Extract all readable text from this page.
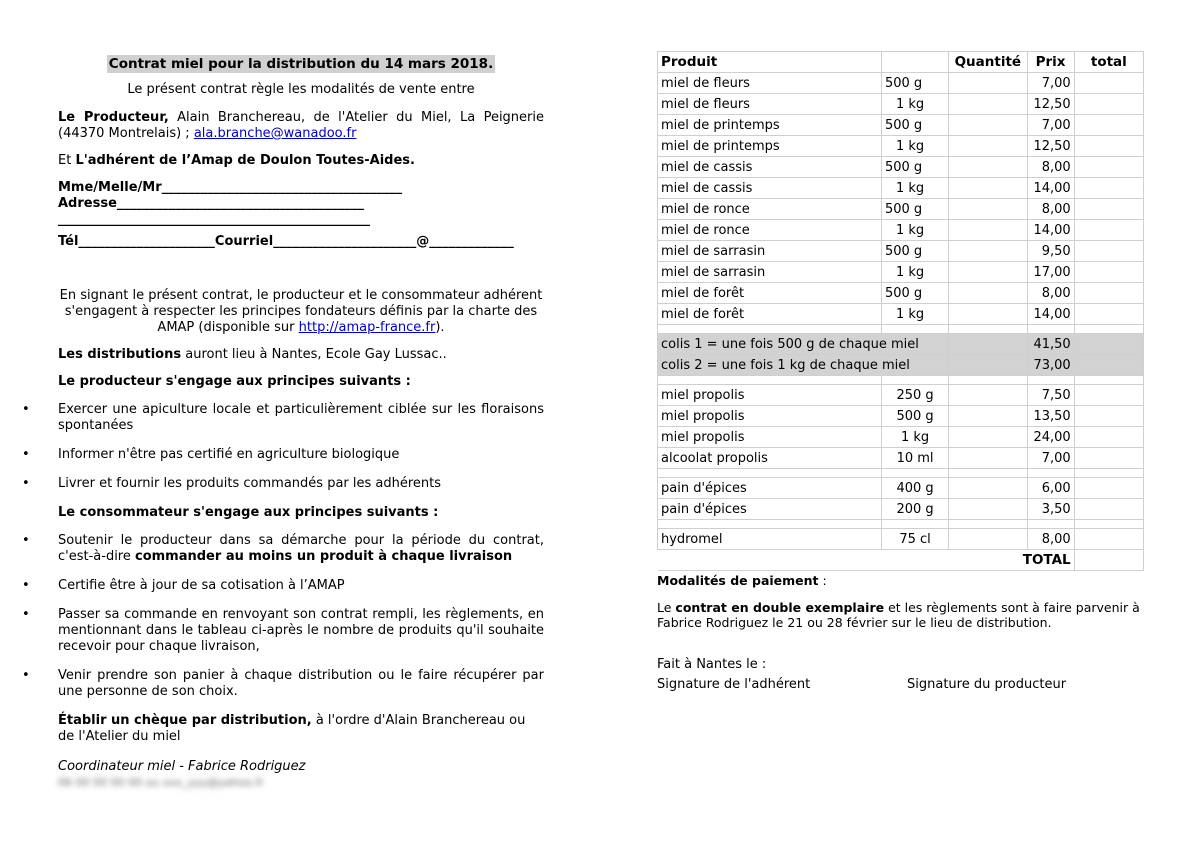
Contrat miel pour la distribution du 14 mars 2018.

Le présent contrat règle les modalités de vente entre

Le Producteur, Alain Branchereau, de l'Atelier du Miel, La Peignerie (44370 Montrelais) ; ala.branche@wanadoo.fr

Et L'adhérent de l’Amap de Doulon Toutes-Aides.

Mme/Melle/Mr_____________________________________
Adresse______________________________________
________________________________________________
Tél_____________________Courriel______________________@_____________

En signant le présent contrat, le producteur et le consommateur adhérent s'engagent à respecter les principes fondateurs définis par la charte des AMAP (disponible sur http://amap-france.fr).

Les distributions auront lieu à Nantes, Ecole Gay Lussac..

Le producteur s'engage aux principes suivants :

• Exercer une apiculture locale et particulièrement ciblée sur les floraisons spontanées
• Informer n'être pas certifié en agriculture biologique
• Livrer et fournir les produits commandés par les adhérents

Le consommateur s'engage aux principes suivants :

• Soutenir le producteur dans sa démarche pour la période du contrat, c'est-à-dire commander au moins un produit à chaque livraison
• Certifie être à jour de sa cotisation à l’AMAP
• Passer sa commande en renvoyant son contrat rempli, les règlements, en mentionnant dans le tableau ci-après le nombre de produits qu'il souhaite recevoir pour chaque livraison,
• Venir prendre son panier à chaque distribution ou le faire récupérer par une personne de son choix.

Établir un chèque par distribution, à l'ordre d'Alain Branchereau ou de l'Atelier du miel

Coordinateur miel - Fabrice Rodriguez

06 00 00 00 00 ou xxx_yyy@yahoo.fr

Produit		Quantité	Prix	total
miel de fleurs	500 g		7,00	
miel de fleurs	1 kg		12,50	
miel de printemps	500 g		7,00	
miel de printemps	1 kg		12,50	
miel de cassis	500 g		8,00	
miel de cassis	1 kg		14,00	
miel de ronce	500 g		8,00	
miel de ronce	1 kg		14,00	
miel de sarrasin	500 g		9,50	
miel de sarrasin	1 kg		17,00	
miel de forêt	500 g		8,00	
miel de forêt	1 kg		14,00	

colis 1 = une fois 500 g de chaque miel			41,50	
colis 2 = une fois 1 kg de chaque miel			73,00	

miel propolis	250 g		7,50	
miel propolis	500 g		13,50	
miel propolis	1 kg		24,00	
alcoolat propolis	10 ml		7,00	

pain d'épices	400 g		6,00	
pain d'épices	200 g		3,50	

hydromel	75 cl		8,00	
TOTAL				

Modalités de paiement :

Le contrat en double exemplaire et les règlements sont à faire parvenir à Fabrice Rodriguez le 21 ou 28 février sur le lieu de distribution.

Fait à Nantes le :

Signature de l'adhérent	Signature du producteur
